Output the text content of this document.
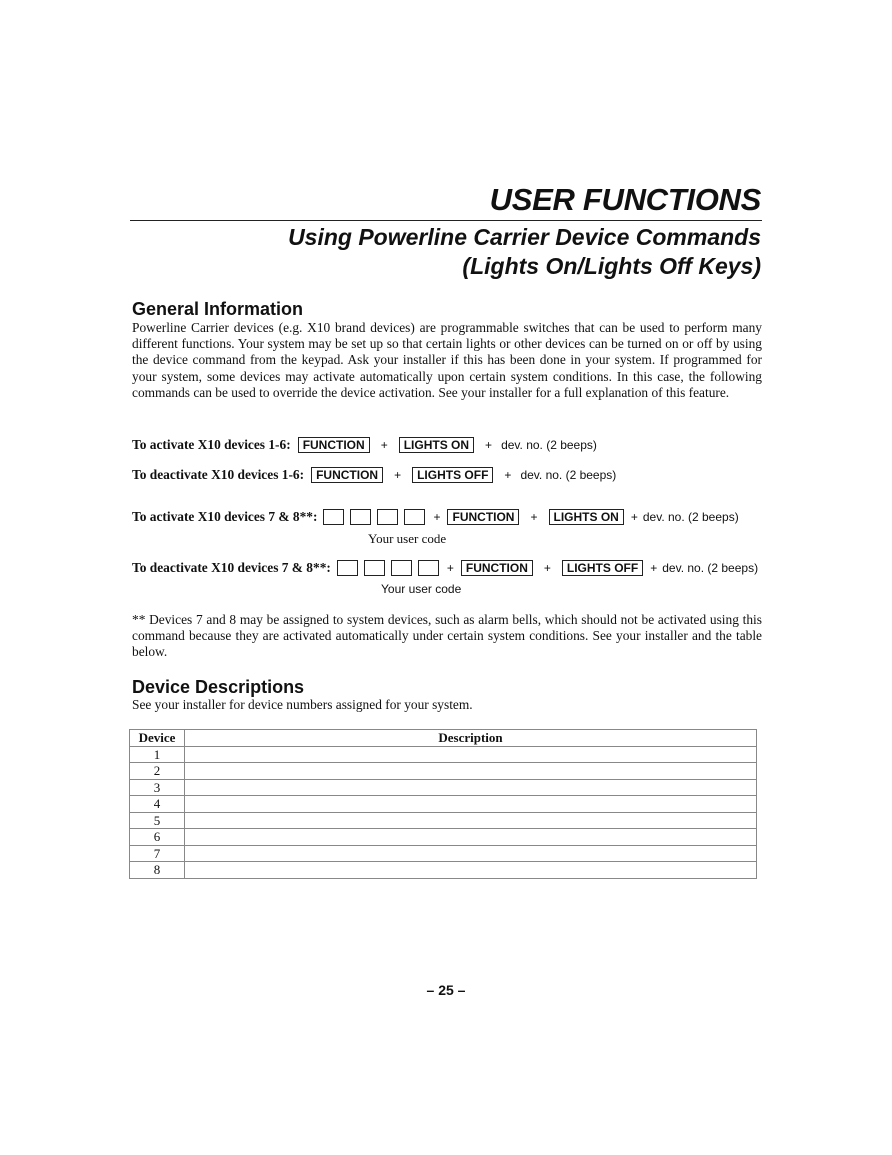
USER FUNCTIONS
Using Powerline Carrier Device Commands
(Lights On/Lights Off Keys)
General Information
Powerline Carrier devices (e.g. X10 brand devices) are programmable switches that can be used to perform many different functions. Your system may be set up so that certain lights or other devices can be turned on or off by using the device command from the keypad. Ask your installer if this has been done in your system. If programmed for your system, some devices may activate automatically upon certain system conditions. In this case, the following commands can be used to override the device activation. See your installer for a full explanation of this feature.
To activate X10 devices 1-6:	FUNCTION	+	LIGHTS ON	+ dev. no. (2 beeps)
To deactivate X10 devices 1-6:	FUNCTION	+	LIGHTS OFF	+ dev. no. (2 beeps)
To activate X10 devices 7 & 8**:	+	FUNCTION	+	LIGHTS ON	+ dev. no. (2 beeps)
Your user code
To deactivate X10 devices 7 & 8**:	+	FUNCTION	+	LIGHTS OFF	+ dev. no. (2 beeps)
Your user code
** Devices 7 and 8 may be assigned to system devices, such as alarm bells, which should not be activated using this command because they are activated automatically under certain system conditions. See your installer and the table below.
Device Descriptions
See your installer for device numbers assigned for your system.
Device	Description
1	
2	
3	
4	
5	
6	
7	
8	
– 25 –
